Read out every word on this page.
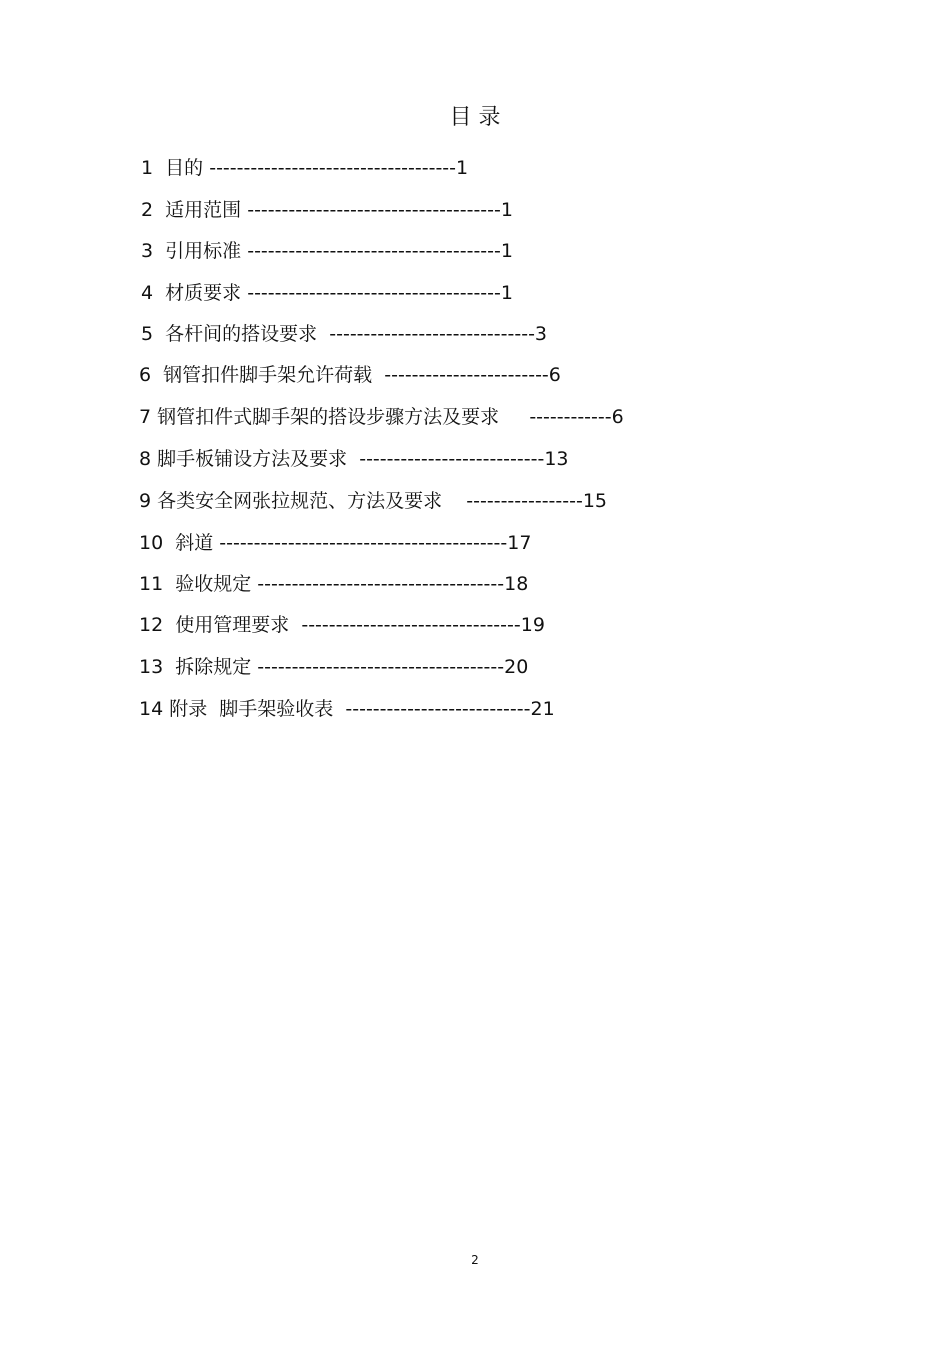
目 录
1  目的 ------------------------------------1
2  适用范围 -------------------------------------1
3  引用标准 -------------------------------------1
4  材质要求 -------------------------------------1
5  各杆间的搭设要求  ------------------------------3
6  钢管扣件脚手架允许荷载  ------------------------6
7 钢管扣件式脚手架的搭设步骤方法及要求     ------------6
8 脚手板铺设方法及要求  ---------------------------13
9 各类安全网张拉规范、方法及要求    -----------------15
10  斜道 ------------------------------------------17
11  验收规定 ------------------------------------18
12  使用管理要求  --------------------------------19
13  拆除规定 ------------------------------------20
14 附录  脚手架验收表  ---------------------------21
2
